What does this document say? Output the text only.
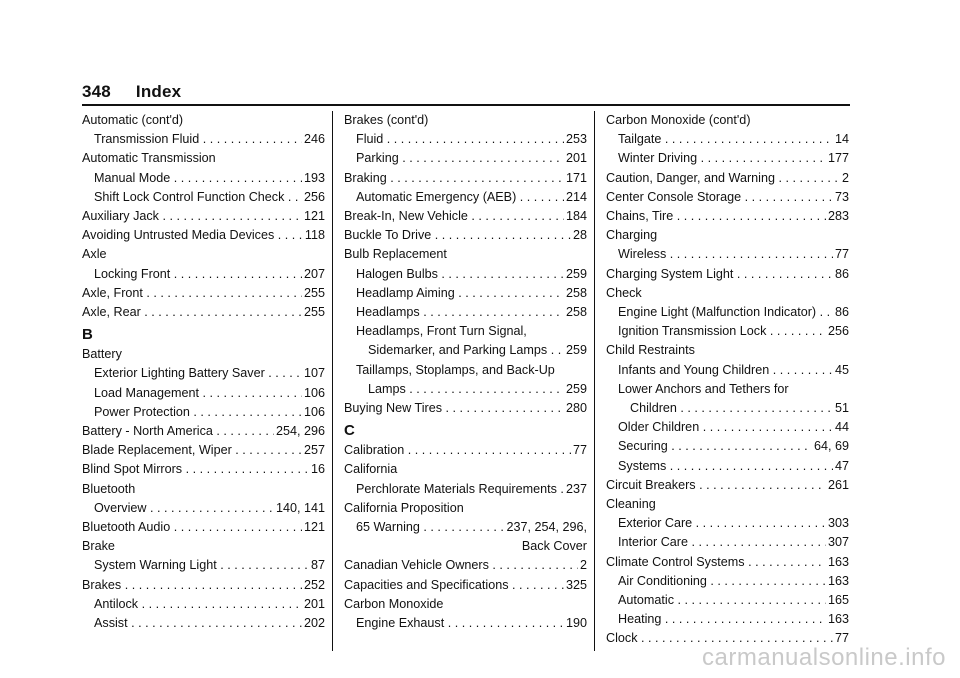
348 Index
Automatic (cont'd)
Transmission Fluid . . .	246
Automatic Transmission
Manual Mode . . .	193
Shift Lock Control Function Check . . .	256
Auxiliary Jack . . .	121
Avoiding Untrusted Media Devices . . .	118
Axle
Locking Front . . .	207
Axle, Front . . .	255
Axle, Rear . . .	255
B
Battery
Exterior Lighting Battery Saver . . .	107
Load Management . . .	106
Power Protection . . .	106
Battery - North America . . .	254, 296
Blade Replacement, Wiper . . .	257
Blind Spot Mirrors . . .	16
Bluetooth
Overview . . .	140, 141
Bluetooth Audio . . .	121
Brake
System Warning Light . . .	87
Brakes . . .	252
Antilock . . .	201
Assist . . .	202
Brakes (cont'd)
Fluid . . .	253
Parking . . .	201
Braking . . .	171
Automatic Emergency (AEB) . . .	214
Break-In, New Vehicle . . .	184
Buckle To Drive . . .	28
Bulb Replacement
Halogen Bulbs . . .	259
Headlamp Aiming . . .	258
Headlamps . . .	258
Headlamps, Front Turn Signal,
Sidemarker, and Parking Lamps . . .	259
Taillamps, Stoplamps, and Back-Up
Lamps . . .	259
Buying New Tires . . .	280
C
Calibration . . .	77
California
Perchlorate Materials Requirements . . . 237
California Proposition
65 Warning . . .	237, 254, 296,
Back Cover
Canadian Vehicle Owners . . .	2
Capacities and Specifications . . .	325
Carbon Monoxide
Engine Exhaust . . .	190
Carbon Monoxide (cont'd)
Tailgate . . .	14
Winter Driving . . .	177
Caution, Danger, and Warning . . .	2
Center Console Storage . . .	73
Chains, Tire . . .	283
Charging
Wireless . . .	77
Charging System Light . . .	86
Check
Engine Light (Malfunction Indicator) . . .	86
Ignition Transmission Lock . . .	256
Child Restraints
Infants and Young Children . . .	45
Lower Anchors and Tethers for
Children . . .	51
Older Children . . .	44
Securing . . .	64, 69
Systems . . .	47
Circuit Breakers . . .	261
Cleaning
Exterior Care . . .	303
Interior Care . . .	307
Climate Control Systems . . .	163
Air Conditioning . . .	163
Automatic . . .	165
Heating . . .	163
Clock . . .	77
carmanualsonline.info
